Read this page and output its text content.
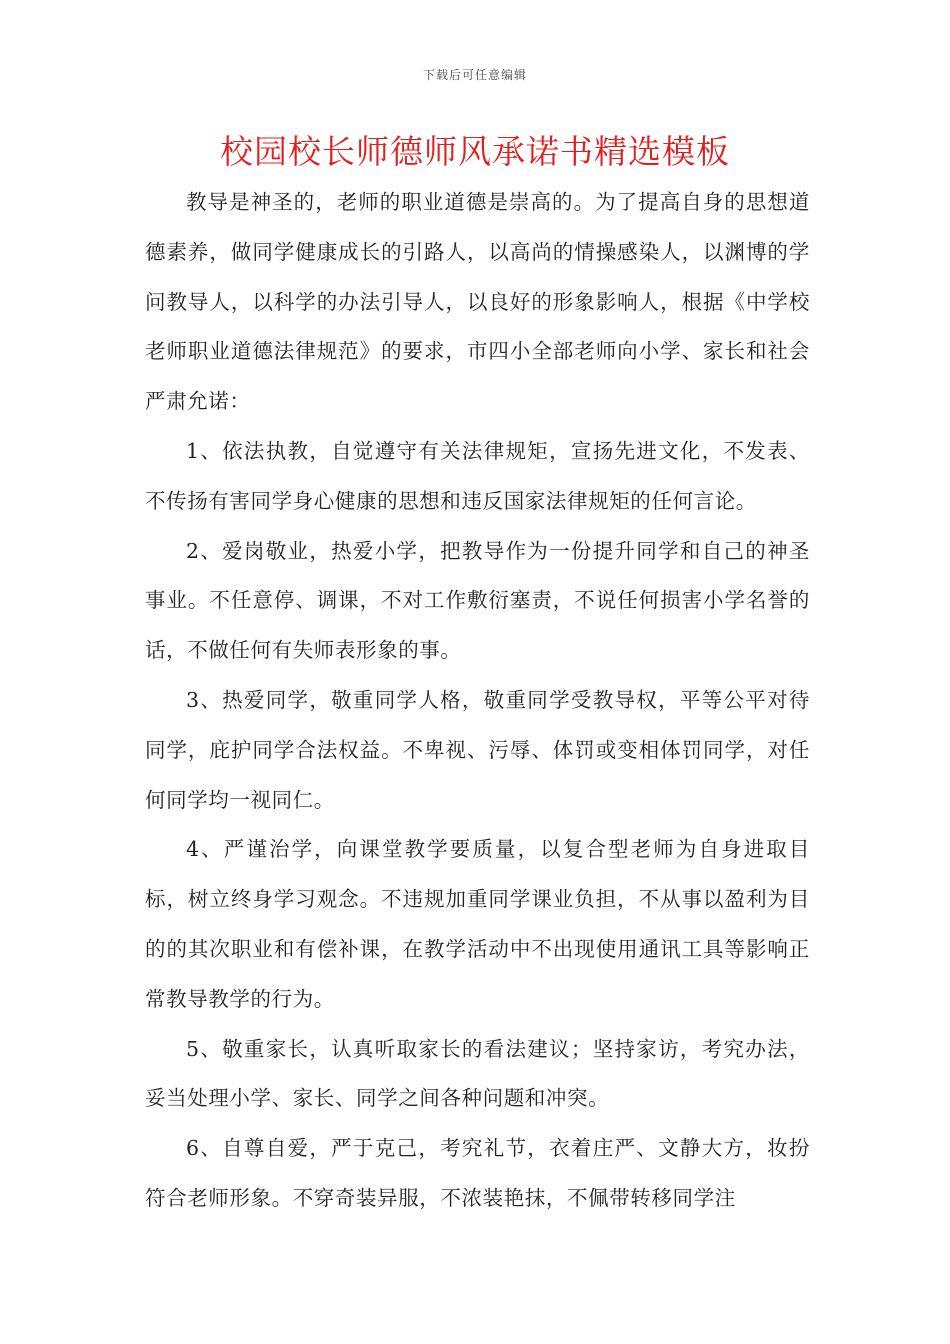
下载后可任意编辑
校园校长师德师风承诺书精选模板

教导是神圣的，老师的职业道德是崇高的。为了提高自身的思想道德素养，做同学健康成长的引路人，以高尚的情操感染人，以渊博的学问教导人，以科学的办法引导人，以良好的形象影响人，根据《中学校老师职业道德法律规范》的要求，市四小全部老师向小学、家长和社会严肃允诺：

1、依法执教，自觉遵守有关法律规矩，宣扬先进文化，不发表、不传扬有害同学身心健康的思想和违反国家法律规矩的任何言论。

2、爱岗敬业，热爱小学，把教导作为一份提升同学和自己的神圣事业。不任意停、调课，不对工作敷衍塞责，不说任何损害小学名誉的话，不做任何有失师表形象的事。

3、热爱同学，敬重同学人格，敬重同学受教导权，平等公平对待同学，庇护同学合法权益。不卑视、污辱、体罚或变相体罚同学，对任何同学均一视同仁。

4、严谨治学，向课堂教学要质量，以复合型老师为自身进取目标，树立终身学习观念。不违规加重同学课业负担，不从事以盈利为目的的其次职业和有偿补课，在教学活动中不出现使用通讯工具等影响正常教导教学的行为。

5、敬重家长，认真听取家长的看法建议；坚持家访，考究办法，妥当处理小学、家长、同学之间各种问题和冲突。

6、自尊自爱，严于克己，考究礼节，衣着庄严、文静大方，妆扮符合老师形象。不穿奇装异服，不浓装艳抹，不佩带转移同学注
